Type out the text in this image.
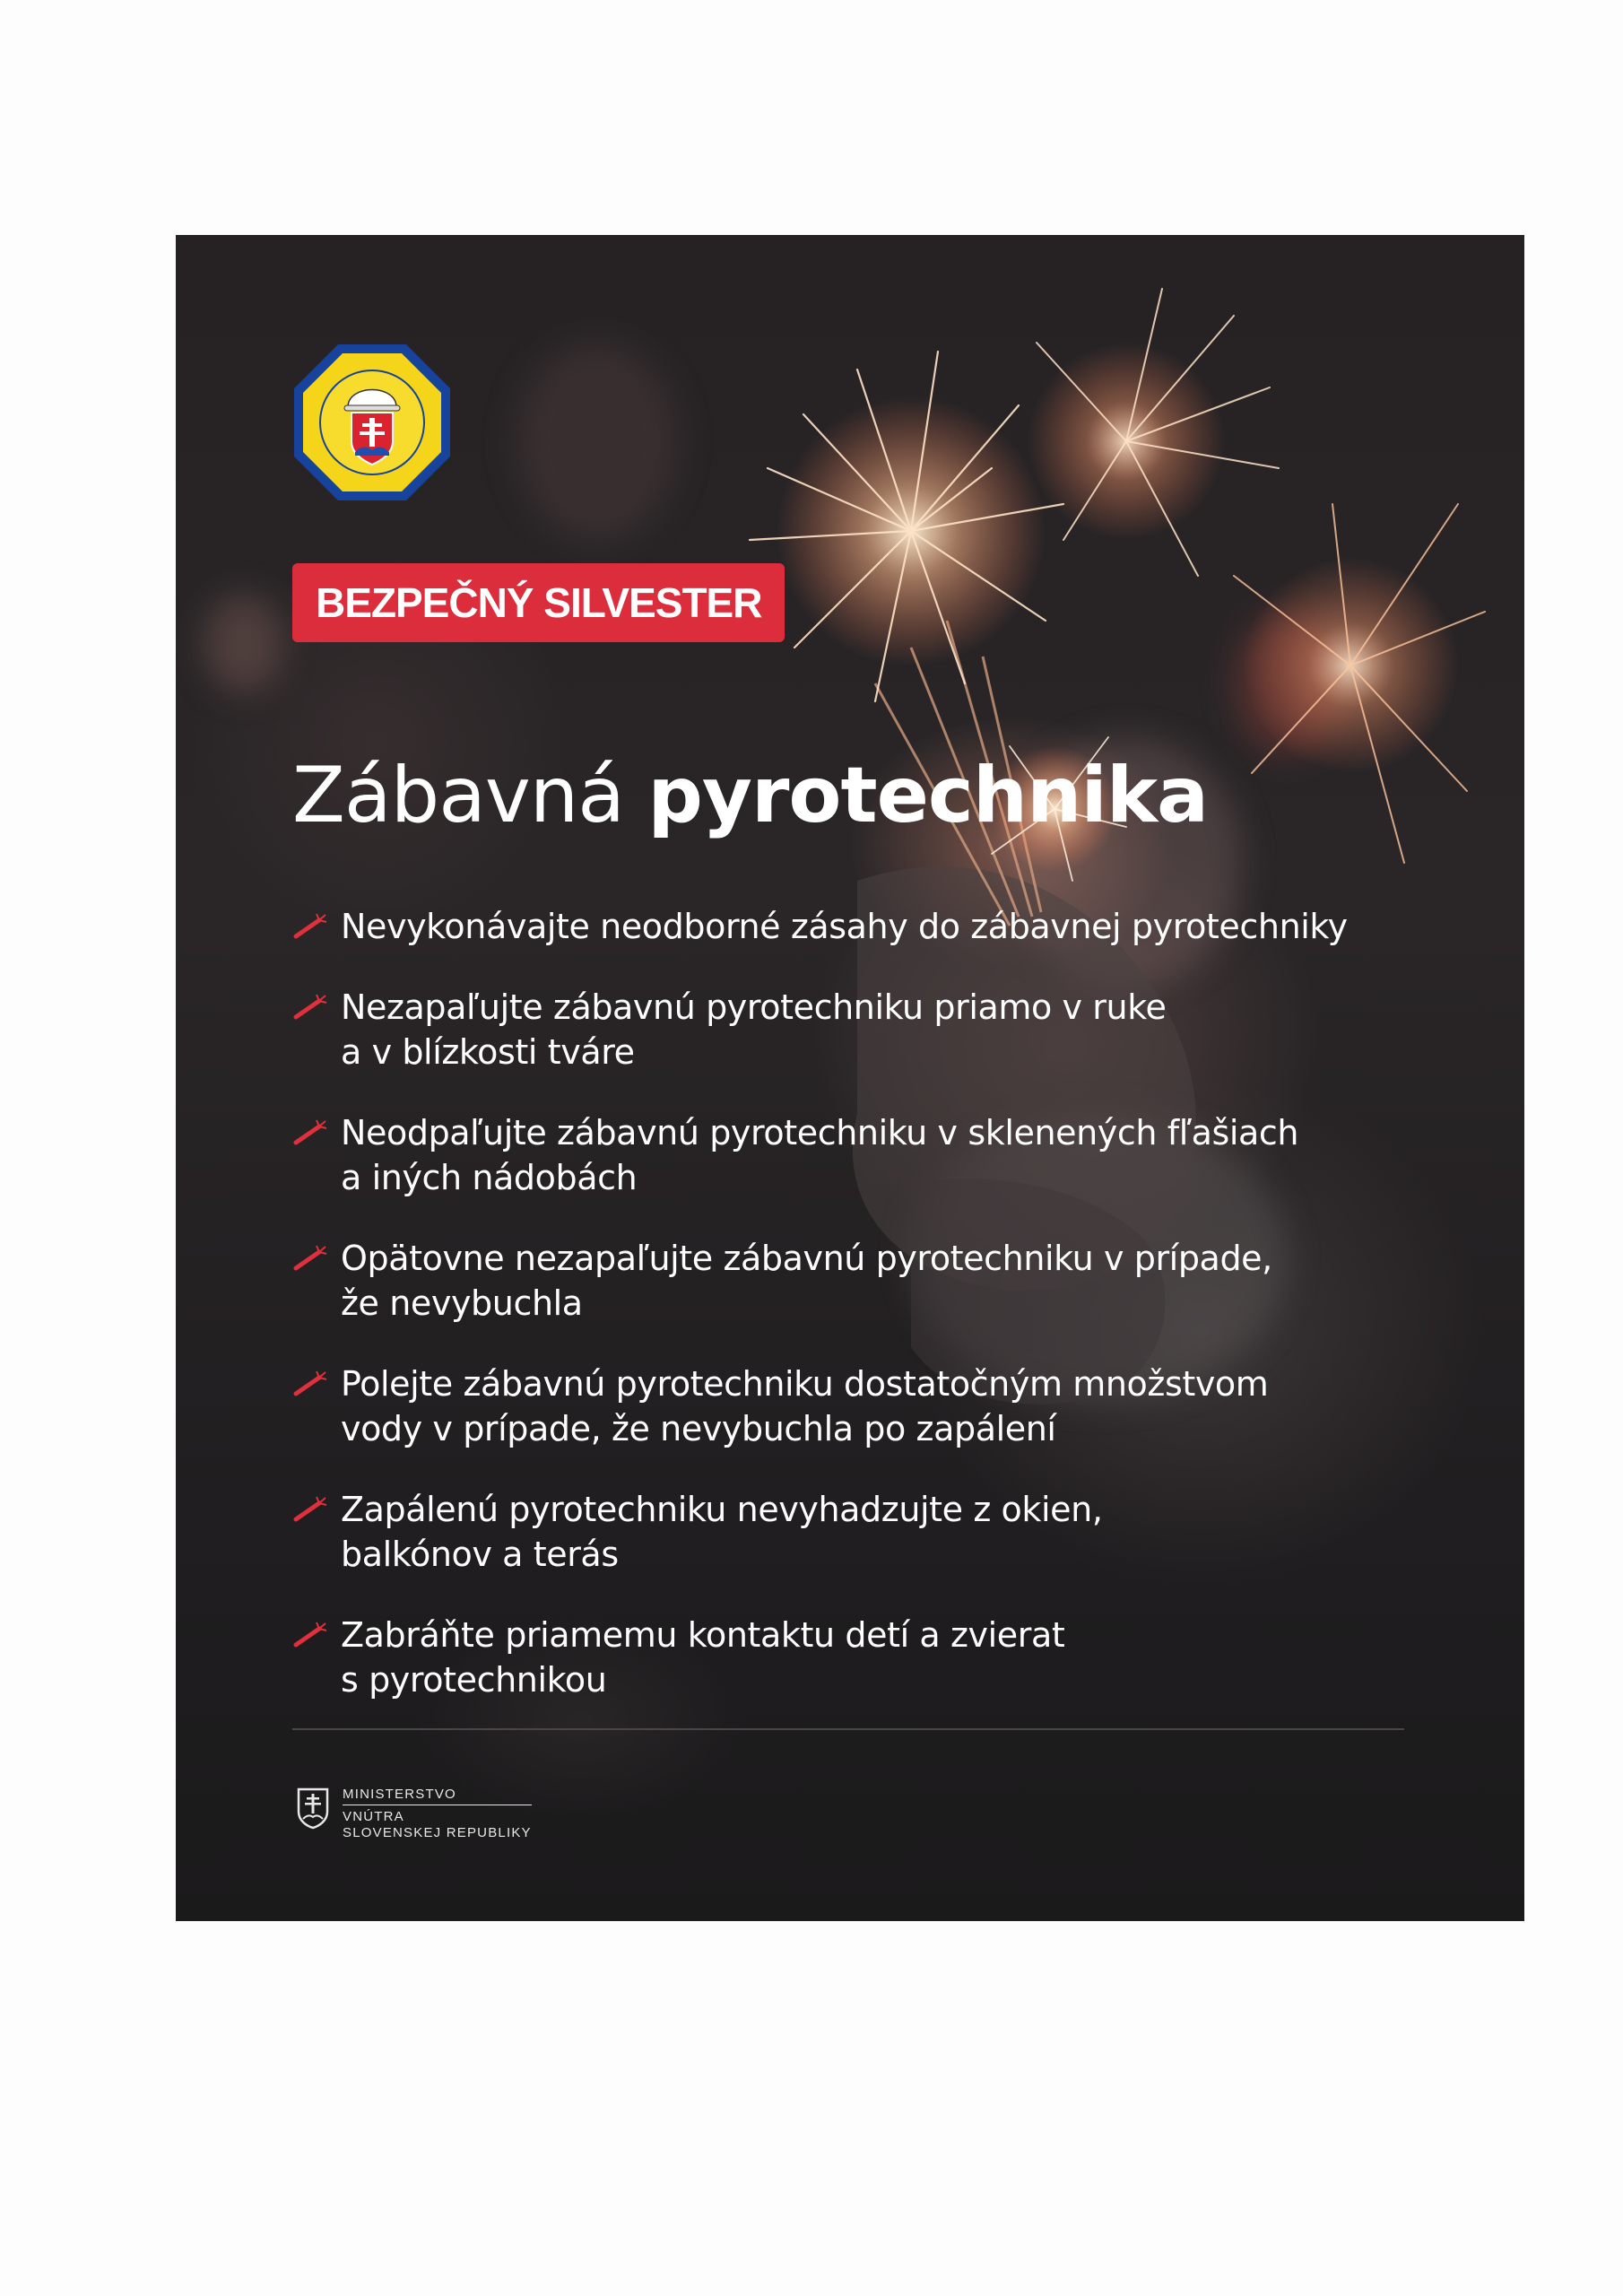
BEZPEČNÝ SILVESTER
Zábavná pyrotechnika
Nevykonávajte neodborné zásahy do zábavnej pyrotechniky
Nezapaľujte zábavnú pyrotechniku priamo v ruke
a v blízkosti tváre
Neodpaľujte zábavnú pyrotechniku v sklenených fľašiach
a iných nádobách
Opätovne nezapaľujte zábavnú pyrotechniku v prípade,
že nevybuchla
Polejte zábavnú pyrotechniku dostatočným množstvom
vody v prípade, že nevybuchla po zapálení
Zapálenú pyrotechniku nevyhadzujte z okien,
balkónov a terás
Zabráňte priamemu kontaktu detí a zvierat
s pyrotechnikou
MINISTERSTVO
VNÚTRA
SLOVENSKEJ REPUBLIKY
